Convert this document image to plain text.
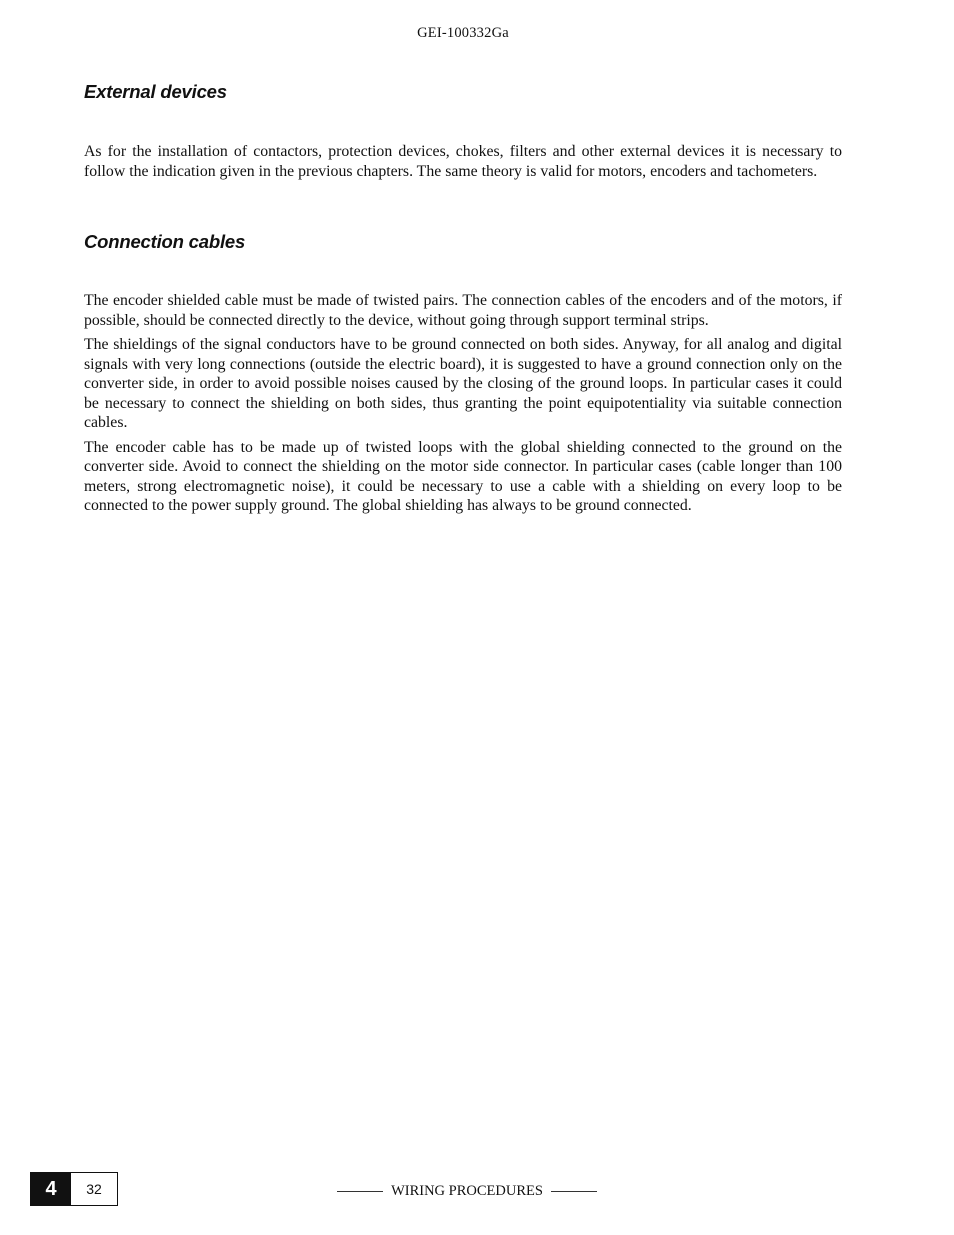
GEI-100332Ga
External devices

As for the installation of contactors, protection devices, chokes, filters and other external devices it is necessary to follow the indication given in the previous chapters. The same theory is valid for motors, encoders and tachometers.

Connection cables

The encoder shielded cable must be made of twisted pairs. The connection cables of the encoders and of the motors, if possible, should be connected directly to the device, without going through support terminal strips.

The shieldings of the signal conductors have to be ground connected on both sides. Anyway, for all analog and digital signals with very long connections (outside the electric board), it is suggested to have a ground connection only on the converter side, in order to avoid possible noises caused by the closing of the ground loops. In particular cases it could be necessary to connect the shielding on both sides, thus granting the point equipotentiality via suitable connection cables.

The encoder cable has to be made up of twisted loops with the global shielding connected to the ground on the converter side. Avoid to connect the shielding on the motor side connector. In particular cases (cable longer than 100 meters, strong electromagnetic noise), it could be necessary to use a cable with a shielding on every loop to be connected to the power supply ground. The global shielding has always to be ground connected.

4	32	WIRING PROCEDURES
